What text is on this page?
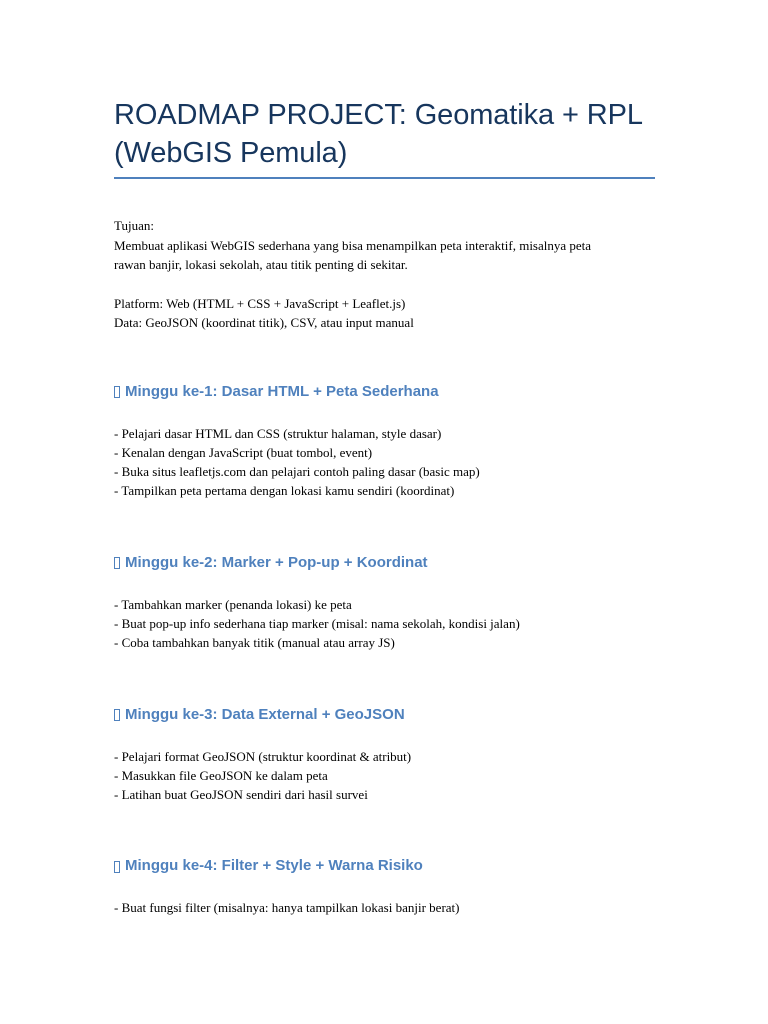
ROADMAP PROJECT: Geomatika + RPL
(WebGIS Pemula)
Tujuan:
Membuat aplikasi WebGIS sederhana yang bisa menampilkan peta interaktif, misalnya peta
rawan banjir, lokasi sekolah, atau titik penting di sekitar.
Platform: Web (HTML + CSS + JavaScript + Leaflet.js)
Data: GeoJSON (koordinat titik), CSV, atau input manual
Minggu ke-1: Dasar HTML + Peta Sederhana
- Pelajari dasar HTML dan CSS (struktur halaman, style dasar)
- Kenalan dengan JavaScript (buat tombol, event)
- Buka situs leafletjs.com dan pelajari contoh paling dasar (basic map)
- Tampilkan peta pertama dengan lokasi kamu sendiri (koordinat)
Minggu ke-2: Marker + Pop-up + Koordinat
- Tambahkan marker (penanda lokasi) ke peta
- Buat pop-up info sederhana tiap marker (misal: nama sekolah, kondisi jalan)
- Coba tambahkan banyak titik (manual atau array JS)
Minggu ke-3: Data External + GeoJSON
- Pelajari format GeoJSON (struktur koordinat & atribut)
- Masukkan file GeoJSON ke dalam peta
- Latihan buat GeoJSON sendiri dari hasil survei
Minggu ke-4: Filter + Style + Warna Risiko
- Buat fungsi filter (misalnya: hanya tampilkan lokasi banjir berat)
